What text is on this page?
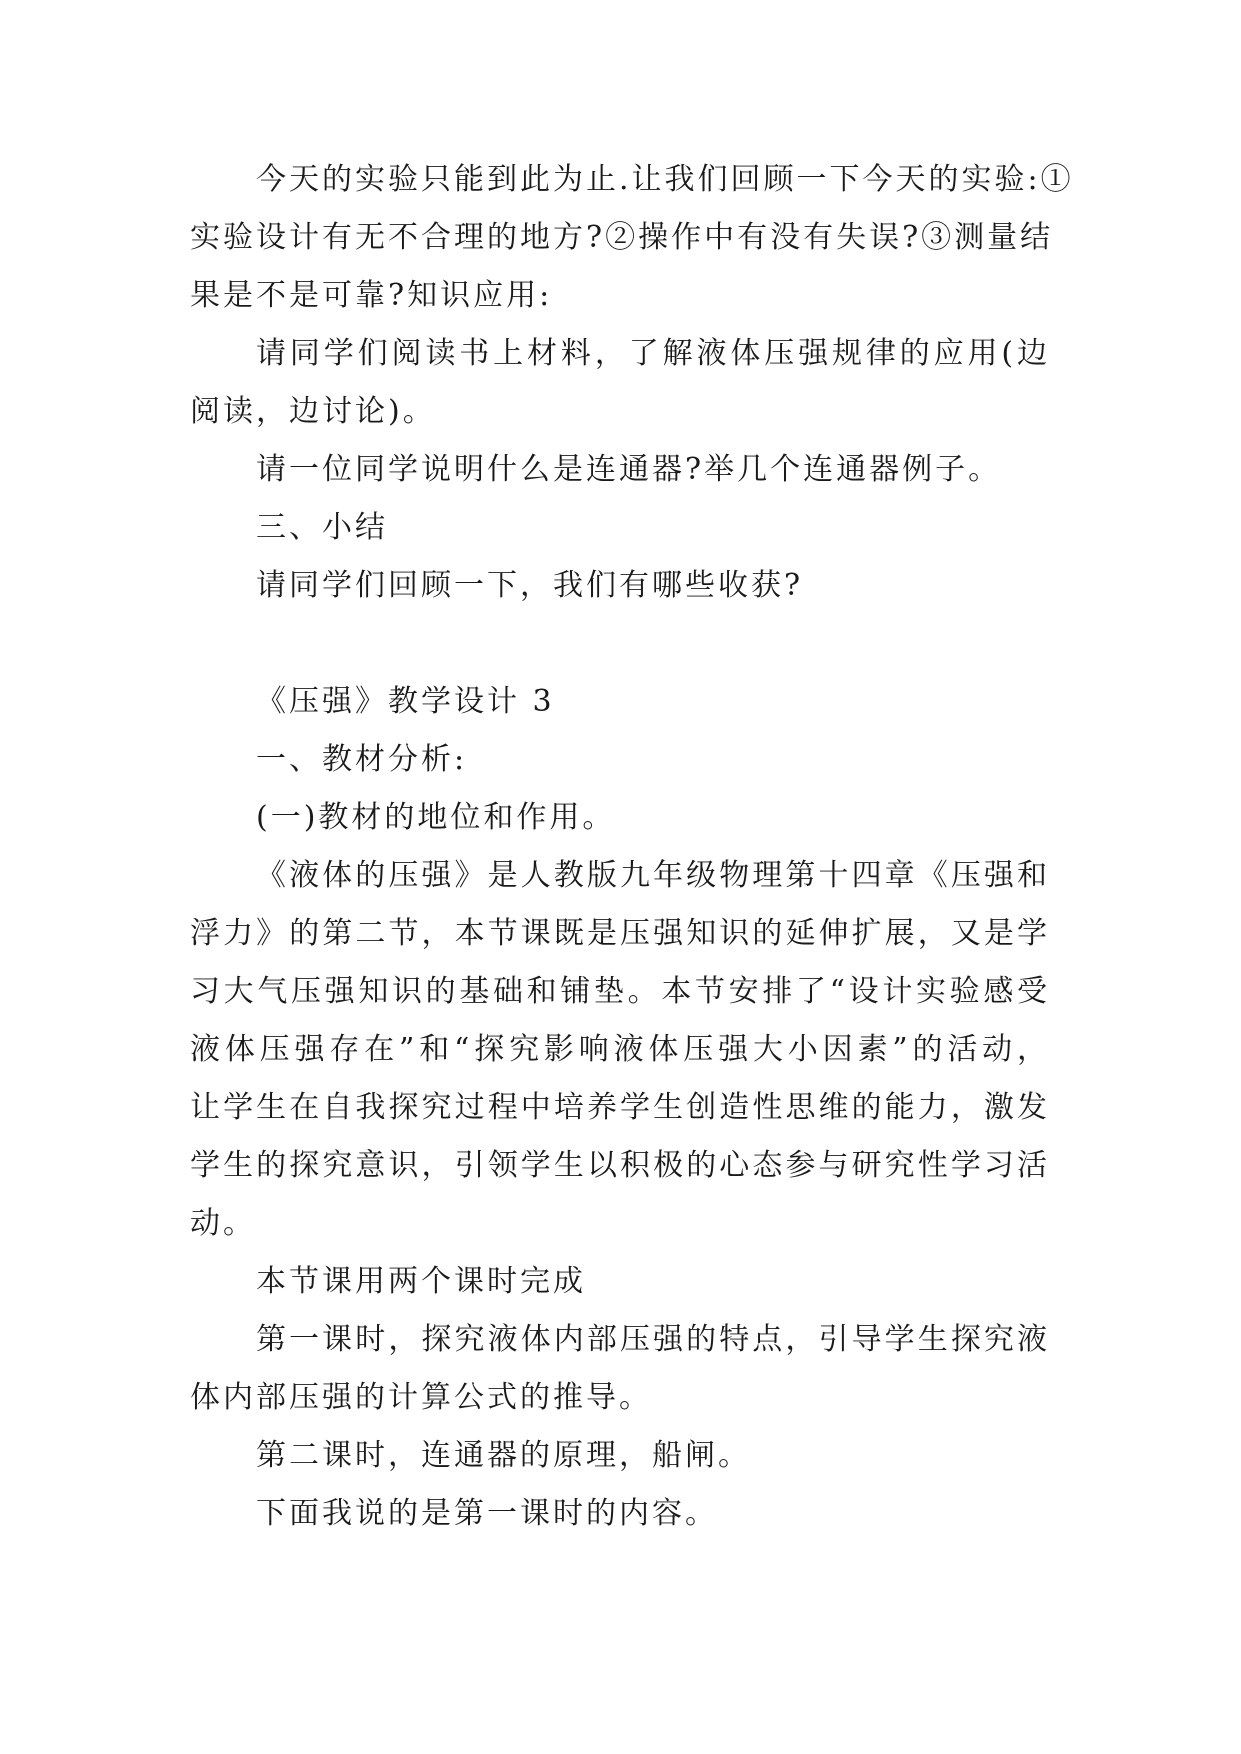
今天的实验只能到此为止.让我们回顾一下今天的实验:①
实验设计有无不合理的地方?②操作中有没有失误?③测量结
果是不是可靠?知识应用:
请同学们阅读书上材料，了解液体压强规律的应用(边
阅读，边讨论)。
请一位同学说明什么是连通器?举几个连通器例子。
三、小结
请同学们回顾一下，我们有哪些收获?
《压强》教学设计 3
一、教材分析:
(一)教材的地位和作用。
《液体的压强》是人教版九年级物理第十四章《压强和
浮力》的第二节，本节课既是压强知识的延伸扩展，又是学
习大气压强知识的基础和铺垫。本节安排了“设计实验感受
液体压强存在”和“探究影响液体压强大小因素”的活动，
让学生在自我探究过程中培养学生创造性思维的能力，激发
学生的探究意识，引领学生以积极的心态参与研究性学习活
动。
本节课用两个课时完成
第一课时，探究液体内部压强的特点，引导学生探究液
体内部压强的计算公式的推导。
第二课时，连通器的原理，船闸。
下面我说的是第一课时的内容。
